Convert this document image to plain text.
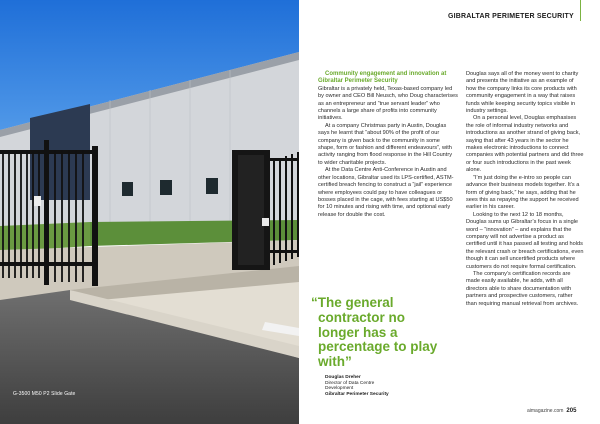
G-3500 M50 P2 Slide Gate
GIBRALTAR PERIMETER SECURITY

Community engagement and innovation at Gibraltar Perimeter Security

Gibraltar is a privately held, Texas-based company led by owner and CEO Bill Neusch, who Doug characterises as an entrepreneur and “true servant leader” who channels a large share of profits into community initiatives.

At a company Christmas party in Austin, Douglas says he learnt that “about 90% of the profit of our company is given back to the community in some shape, form or fashion and different endeavours”, with activity ranging from flood response in the Hill Country to wider charitable projects.

At the Data Centre Anti-Conference in Austin and other locations, Gibraltar used its LPS-certified, ASTM-certified breach fencing to construct a “jail” experience where employees could pay to have colleagues or bosses placed in the cage, with fees starting at US$50 for 10 minutes and rising with time, and optional early release for double the cost.

“The general contractor no longer has a percentage to play with”
Douglas Dreher
Director of Data Centre
Development
Gibraltar Perimeter Security

Douglas says all of the money went to charity and presents the initiative as an example of how the company links its core products with community engagement in a way that raises funds while keeping security topics visible in industry settings.

On a personal level, Douglas emphasises the role of informal industry networks and introductions as another strand of giving back, saying that after 43 years in the sector he makes electronic introductions to connect companies with potential partners and did three or four such introductions in the past week alone.

“I’m just doing the e-intro so people can advance their business models together. It’s a form of giving back,” he says, adding that he sees this as repaying the support he received earlier in his career.

Looking to the next 12 to 18 months, Douglas sums up Gibraltar’s focus in a single word – “innovation” – and explains that the company will not advertise a product as certified until it has passed all testing and holds the relevant crash or breach certifications, even though it can sell uncertified products where customers do not require formal certification.

The company’s certification records are made easily available, he adds, with all directors able to share documentation with partners and prospective customers, rather than requiring manual retrieval from archives.

aimagazine.com 205
